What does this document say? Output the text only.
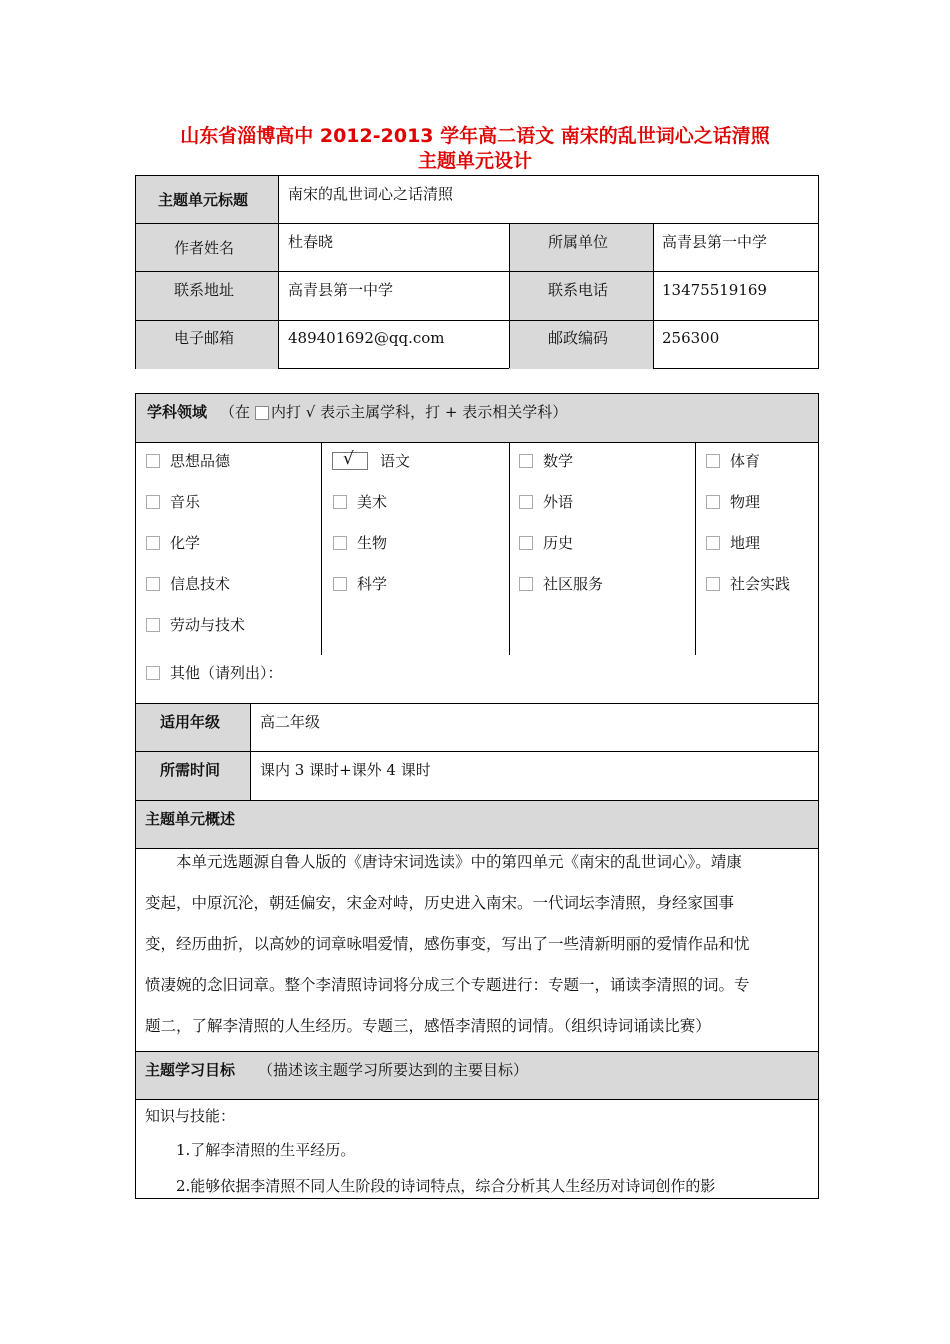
山东省淄博高中 2012-2013 学年高二语文 南宋的乱世词心之话清照
主题单元设计
主题单元标题	南宋的乱世词心之话清照
作者姓名	杜春晓	所属单位	高青县第一中学
联系地址	高青县第一中学	联系电话	13475519169
电子邮箱	489401692@qq.com	邮政编码	256300
学科领域 （在 内打 √ 表示主属学科，打 + 表示相关学科）
思想品德
音乐
化学
信息技术
劳动与技术
√ 语文
美术
生物
科学
数学
外语
历史
社区服务
体育
物理
地理
社会实践
其他（请列出）：
适用年级	高二年级
所需时间	课内 3 课时+课外 4 课时
主题单元概述
本单元选题源自鲁人版的《唐诗宋词选读》中的第四单元《南宋的乱世词心》。靖康
变起，中原沉沦，朝廷偏安，宋金对峙，历史进入南宋。一代词坛李清照，身经家国事
变，经历曲折，以高妙的词章咏唱爱情，感伤事变，写出了一些清新明丽的爱情作品和忧
愤凄婉的念旧词章。整个李清照诗词将分成三个专题进行：专题一，诵读李清照的词。专
题二，了解李清照的人生经历。专题三，感悟李清照的词情。（组织诗词诵读比赛）
主题学习目标 （描述该主题学习所要达到的主要目标）
知识与技能：
1.了解李清照的生平经历。
2.能够依据李清照不同人生阶段的诗词特点，综合分析其人生经历对诗词创作的影
